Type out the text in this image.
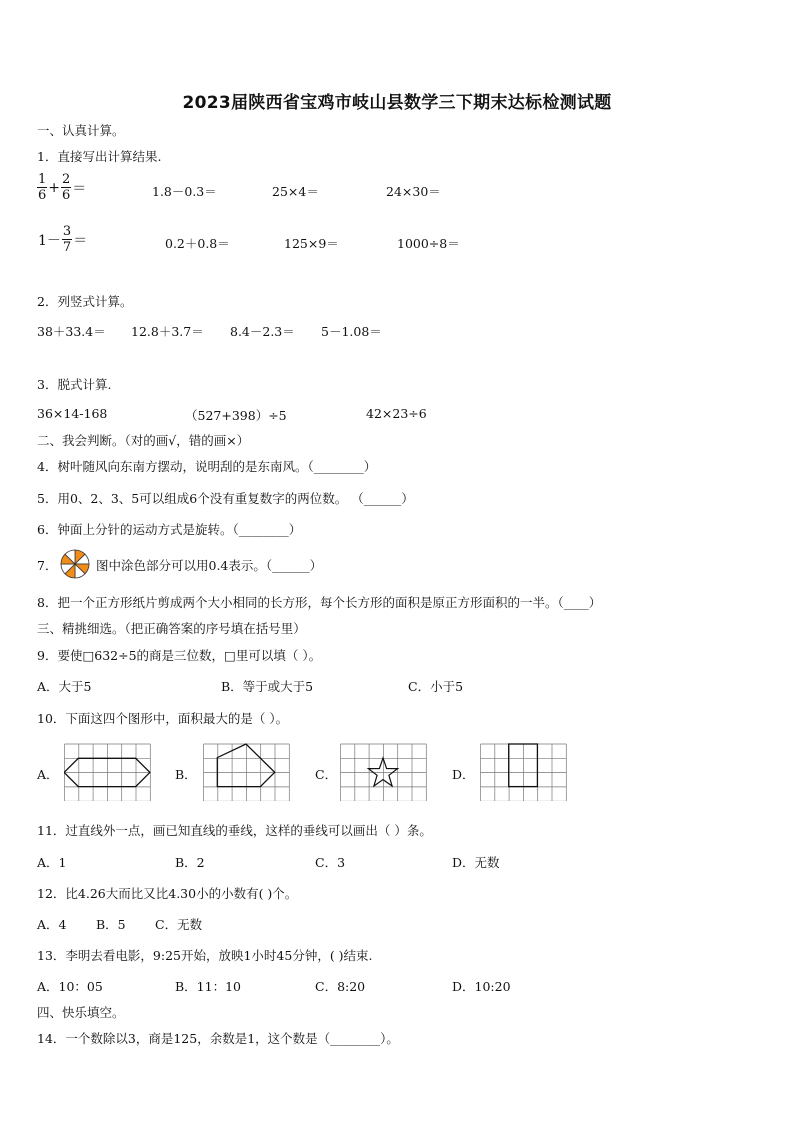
2023届陕西省宝鸡市岐山县数学三下期末达标检测试题
一、认真计算。
1．直接写出计算结果.
$\frac{1}{6} + \frac{2}{6}$ ＝	1.8－0.3＝	25×4＝	24×30＝
$1- \frac{3}{7}$ ＝	0.2＋0.8＝	125×9＝	1000÷8＝
2．列竖式计算。
38＋33.4＝ 12.8＋3.7＝ 8.4－2.3＝ 5－1.08＝
3．脱式计算.
36×14-168	（527+398）÷5	42×23÷6
二、我会判断。（对的画√，错的画×）
4．树叶随风向东南方摆动，说明刮的是东南风。（________）
5．用0、2、3、5可以组成6个没有重复数字的两位数。 （______）
6．钟面上分针的运动方式是旋转。（________）
7．	图中涂色部分可以用0.4表示。（______）
8．把一个正方形纸片剪成两个大小相同的长方形，每个长方形的面积是原正方形面积的一半。（____）
三、精挑细选。（把正确答案的序号填在括号里）
9．要使□632÷5的商是三位数，□里可以填（ ）。
A．大于5	B．等于或大于5	C．小于5
10．下面这四个图形中，面积最大的是（ ）。
A．	B．	C．	D．
11．过直线外一点，画已知直线的垂线，这样的垂线可以画出（ ）条。
A．1	B．2	C．3	D．无数
12．比4.26大而比又比4.30小的小数有( )个。
A．4 B．5 C．无数
13．李明去看电影，9:25开始，放映1小时45分钟，( )结束.
A．10：05	B．11：10	C．8:20	D．10:20
四、快乐填空。
14．一个数除以3，商是125，余数是1，这个数是（________）。
